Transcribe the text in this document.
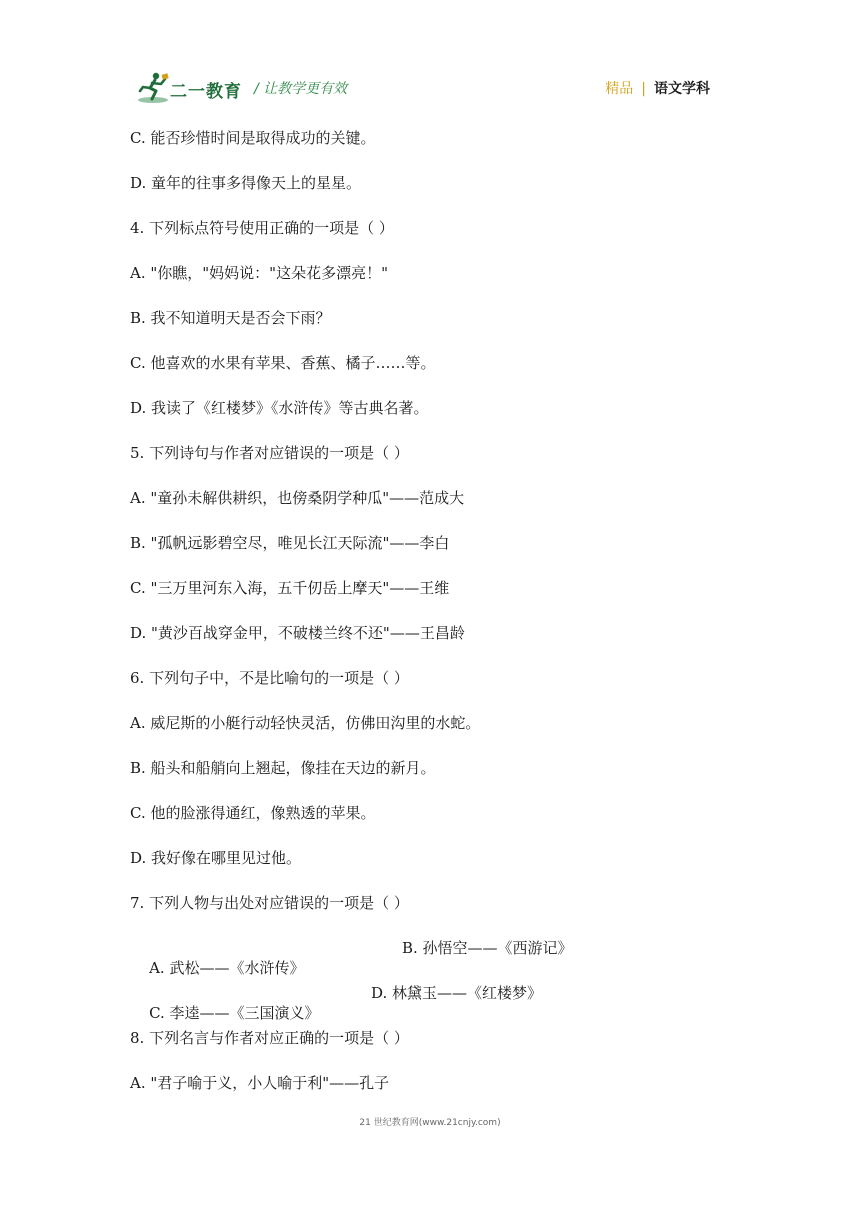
二一教育 / 让教学更有效	精品 | 语文学科
C. 能否珍惜时间是取得成功的关键。
D. 童年的往事多得像天上的星星。
4. 下列标点符号使用正确的一项是（ ）
A. "你瞧，"妈妈说："这朵花多漂亮！"
B. 我不知道明天是否会下雨？
C. 他喜欢的水果有苹果、香蕉、橘子……等。
D. 我读了《红楼梦》《水浒传》等古典名著。
5. 下列诗句与作者对应错误的一项是（ ）
A. "童孙未解供耕织，也傍桑阴学种瓜"——范成大
B. "孤帆远影碧空尽，唯见长江天际流"——李白
C. "三万里河东入海，五千仞岳上摩天"——王维
D. "黄沙百战穿金甲，不破楼兰终不还"——王昌龄
6. 下列句子中，不是比喻句的一项是（ ）
A. 威尼斯的小艇行动轻快灵活，仿佛田沟里的水蛇。
B. 船头和船艄向上翘起，像挂在天边的新月。
C. 他的脸涨得通红，像熟透的苹果。
D. 我好像在哪里见过他。
7. 下列人物与出处对应错误的一项是（ ）

A. 武松——《水浒传》

B. 孙悟空——《西游记》

C. 李逵——《三国演义》

D. 林黛玉——《红楼梦》

8. 下列名言与作者对应正确的一项是（ ）
A. "君子喻于义，小人喻于利"——孔子
21 世纪教育网(www.21cnjy.com)
